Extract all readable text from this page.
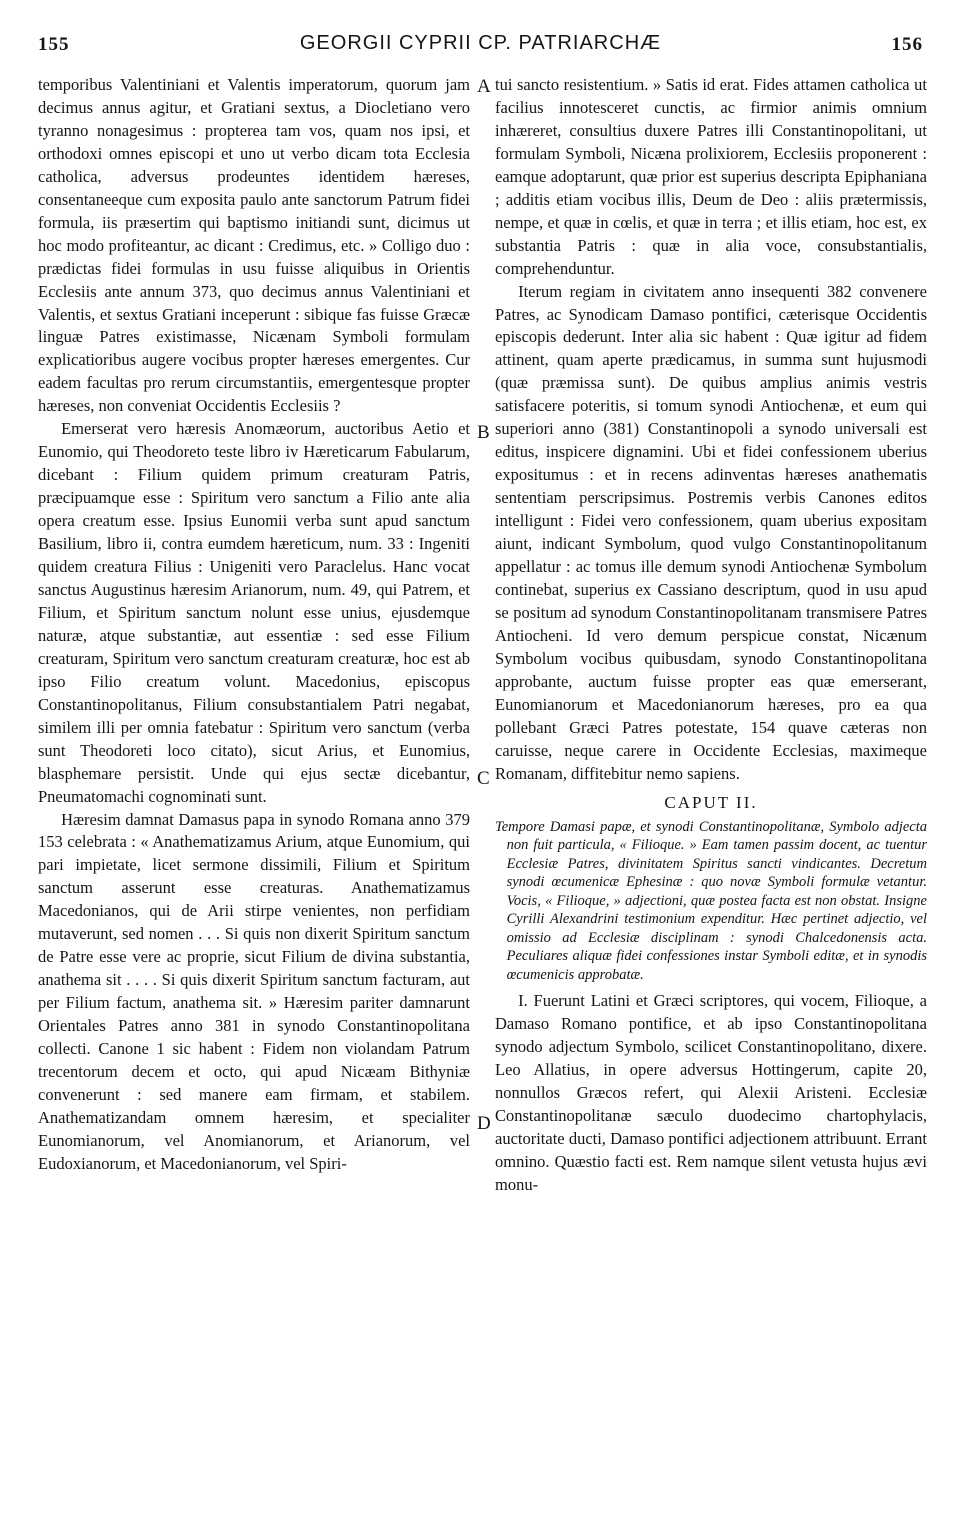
155	GEORGII CYPRII CP. PATRIARCHÆ	156
A
B
C
D

temporibus Valentiniani et Valentis imperatorum, quorum jam decimus annus agitur, et Gratiani sextus, a Diocletiano vero tyranno nonagesimus : proptereа tam vos, quam nos ipsi, et orthodoxi omnes episcopi et uno ut verbo dicam tota Ecclesia catholica, adversus prodeuntes identidem hæreses, consentaneeque cum exposita paulo ante sanctorum Patrum fidei formula, iis præsertim qui baptismo initiandi sunt, dicimus ut hoc modo profiteantur, ac dicant : Credimus, etc. » Colligo duo : prædictas fidei formulas in usu fuisse aliquibus in Orientis Ecclesiis ante annum 373, quo decimus annus Valentiniani et Valentis, et sextus Gratiani inceperunt : sibique fas fuisse Græcæ linguæ Patres existimasse, Nicænam Symboli formulam explicatioribus augere vocibus propter hæreses emergentes. Cur eadem facultas pro rerum circumstantiis, emergentesque propter hæreses, non conveniat Occidentis Ecclesiis ?

Emerserat vero hæresis Anomæorum, auctoribus Aetio et Eunomio, qui Theodoreto teste libro iv Hæreticarum Fabularum, dicebant : Filium quidem primum creaturam Patris, præcipuamque esse : Spiritum vero sanctum a Filio ante alia opera creatum esse. Ipsius Eunomii verba sunt apud sanctum Basilium, libro ii, contra eumdem hæreticum, num. 33 : Ingeniti quidem creatura Filius : Unigeniti vero Paraclelus. Hanc vocat sanctus Augustinus hæresim Arianorum, num. 49, qui Patrem, et Filium, et Spiritum sanctum nolunt esse unius, ejusdemque naturæ, atque substantiæ, aut essentiæ : sed esse Filium creaturam, Spiritum vero sanctum creaturam creaturæ, hoc est ab ipso Filio creatum volunt. Macedonius, episcopus Constantinopolitanus, Filium consubstantialem Patri negabat, similem illi per omnia fatebatur : Spiritum vero sanctum (verba sunt Theodoreti loco citato), sicut Arius, et Eunomius, blasphemare persistit. Unde qui ejus sectæ dicebantur, Pneumatomachi cognominati sunt.

Hæresim damnat Damasus papa in synodo Romana anno 379 153 celebrata : « Anathematizamus Arium, atque Eunomium, qui pari impietate, licet sermone dissimili, Filium et Spiritum sanctum asserunt esse creaturas. Anathematizamus Macedonianos, qui de Arii stirpe venientes, non perfidiam mutaverunt, sed nomen . . . Si quis non dixerit Spiritum sanctum de Patre esse vere ac proprie, sicut Filium de divina substantia, anathema sit . . . . Si quis dixerit Spiritum sanctum facturam, aut per Filium factum, anathema sit. » Hæresim pariter damnarunt Orientales Patres anno 381 in synodo Constantinopolitana collecti. Canone 1 sic habent : Fidem non violandam Patrum trecentorum decem et octo, qui apud Nicæam Bithyniæ convenerunt : sed manere eam firmam, et stabilem. Anathematizandam omnem hæresim, et specialiter Eunomianorum, vel Anomianorum, et Arianorum, vel Eudoxianorum, et Macedonianorum, vel Spiri-

tui sancto resistentium. » Satis id erat. Fides attamen catholica ut facilius innotesceret cunctis, ac firmior animis omnium inhæreret, consultius duxere Patres illi Constantinopolitani, ut formulam Symboli, Nicæna prolixiorem, Ecclesiis proponerent : eamque adoptarunt, quæ prior est superius descripta Epiphaniana ; additis etiam vocibus illis, Deum de Deo : aliis prætermissis, nempe, et quæ in cœlis, et quæ in terra ; et illis etiam, hoc est, ex substantia Patris : quæ in alia voce, consubstantialis, comprehenduntur.

Iterum regiam in civitatem anno insequenti 382 convenere Patres, ac Synodicam Damaso pontifici, cæterisque Occidentis episcopis dederunt. Inter alia sic habent : Quæ igitur ad fidem attinent, quam aperte prædicamus, in summa sunt hujusmodi (quæ præmissa sunt). De quibus amplius animis vestris satisfacere poteritis, si tomum synodi Antiochenæ, et eum qui superiori anno (381) Constantinopoli a synodo universali est editus, inspicere dignamini. Ubi et fidei confessionem uberius expositumus : et in recens adinventas hæreses anathematis sententiam perscripsimus. Postremis verbis Canones editos intelligunt : Fidei vero confessionem, quam uberius expositam aiunt, indicant Symbolum, quod vulgo Constantinopolitanum appellatur : ac tomus ille demum synodi Antiochenæ Symbolum continebat, superius ex Cassiano descriptum, quod in usu apud se positum ad synodum Constantinopolitanam transmisere Patres Antiocheni. Id vero demum perspicue constat, Nicænum Symbolum vocibus quibusdam, synodo Constantinopolitana approbante, auctum fuisse propter eas quæ emerserant, Eunomianorum et Macedonianorum hæreses, pro ea qua pollebant Græci Patres potestate, 154 quave cæteras non caruisse, neque carere in Occidente Ecclesias, maximeque Romanam, diffitebitur nemo sapiens.

CAPUT II.

Tempore Damasi papæ, et synodi Constantinopolitanæ, Symbolo adjecta non fuit particula, « Filioque. » Eam tamen passim docent, ac tuentur Ecclesiæ Patres, divinitatem Spiritus sancti vindicantes. Decretum synodi œcumenicæ Ephesinæ : quo novæ Symboli formulæ vetantur. Vocis, « Filioque, » adjectioni, quæ postea facta est non obstat. Insigne Cyrilli Alexandrini testimonium expenditur. Hæc pertinet adjectio, vel omissio ad Ecclesiæ disciplinam : synodi Chalcedonensis acta. Peculiares aliquæ fidei confessiones instar Symboli editæ, et in synodis œcumenicis approbatæ.

I. Fuerunt Latini et Græci scriptores, qui vocem, Filioque, a Damaso Romano pontifice, et ab ipso Constantinopolitana synodo adjectum Symbolo, scilicet Constantinopolitano, dixere. Leo Allatius, in opere adversus Hottingerum, capite 20, nonnullos Græcos refert, qui Alexii Aristeni. Ecclesiæ Constantinopolitanæ sæculo duodecimo chartophylacis, auctoritate ducti, Damaso pontifici adjectionem attribuunt. Errant omnino. Quæstio facti est. Rem namque silent vetusta hujus ævi monu-
